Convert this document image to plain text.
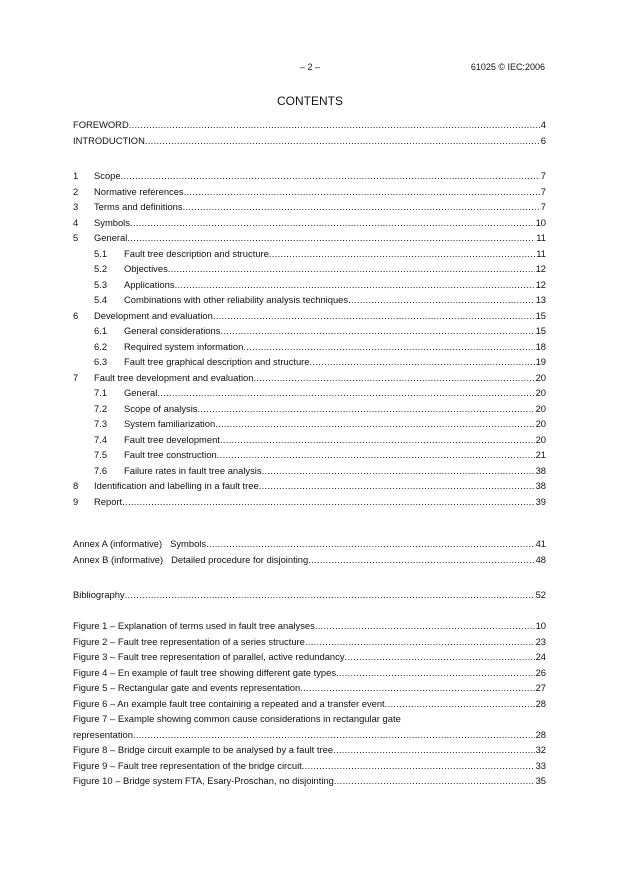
– 2 –	61025 © IEC:2006
CONTENTS
FOREWORD .....	4
INTRODUCTION .....	6
1	Scope .....	7
2	Normative references .....	7
3	Terms and definitions .....	7
4	Symbols .....	10
5	General .....	11
5.1	Fault tree description and structure .....	11
5.2	Objectives .....	12
5.3	Applications .....	12
5.4	Combinations with other reliability analysis techniques .....	13
6	Development and evaluation .....	15
6.1	General considerations .....	15
6.2	Required system information .....	18
6.3	Fault tree graphical description and structure .....	19
7	Fault tree development and evaluation .....	20
7.1	General .....	20
7.2	Scope of analysis .....	20
7.3	System familiarization .....	20
7.4	Fault tree development .....	20
7.5	Fault tree construction .....	21
7.6	Failure rates in fault tree analysis .....	38
8	Identification and labelling in a fault tree .....	38
9	Report .....	39
Annex A (informative) Symbols .....	41
Annex B (informative) Detailed procedure for disjointing .....	48
Bibliography .....	52
Figure 1 – Explanation of terms used in fault tree analyses .....	10
Figure 2 – Fault tree representation of a series structure .....	23
Figure 3 – Fault tree representation of parallel, active redundancy .....	24
Figure 4 – En example of fault tree showing different gate types .....	26
Figure 5 – Rectangular gate and events representation .....	27
Figure 6 – An example fault tree containing a repeated and a transfer event .....	28
Figure 7 – Example showing common cause considerations in rectangular gate
representation .....	28
Figure 8 – Bridge circuit example to be analysed by a fault tree .....	32
Figure 9 – Fault tree representation of the bridge circuit .....	33
Figure 10 – Bridge system FTA, Esary-Proschan, no disjointing .....	35
